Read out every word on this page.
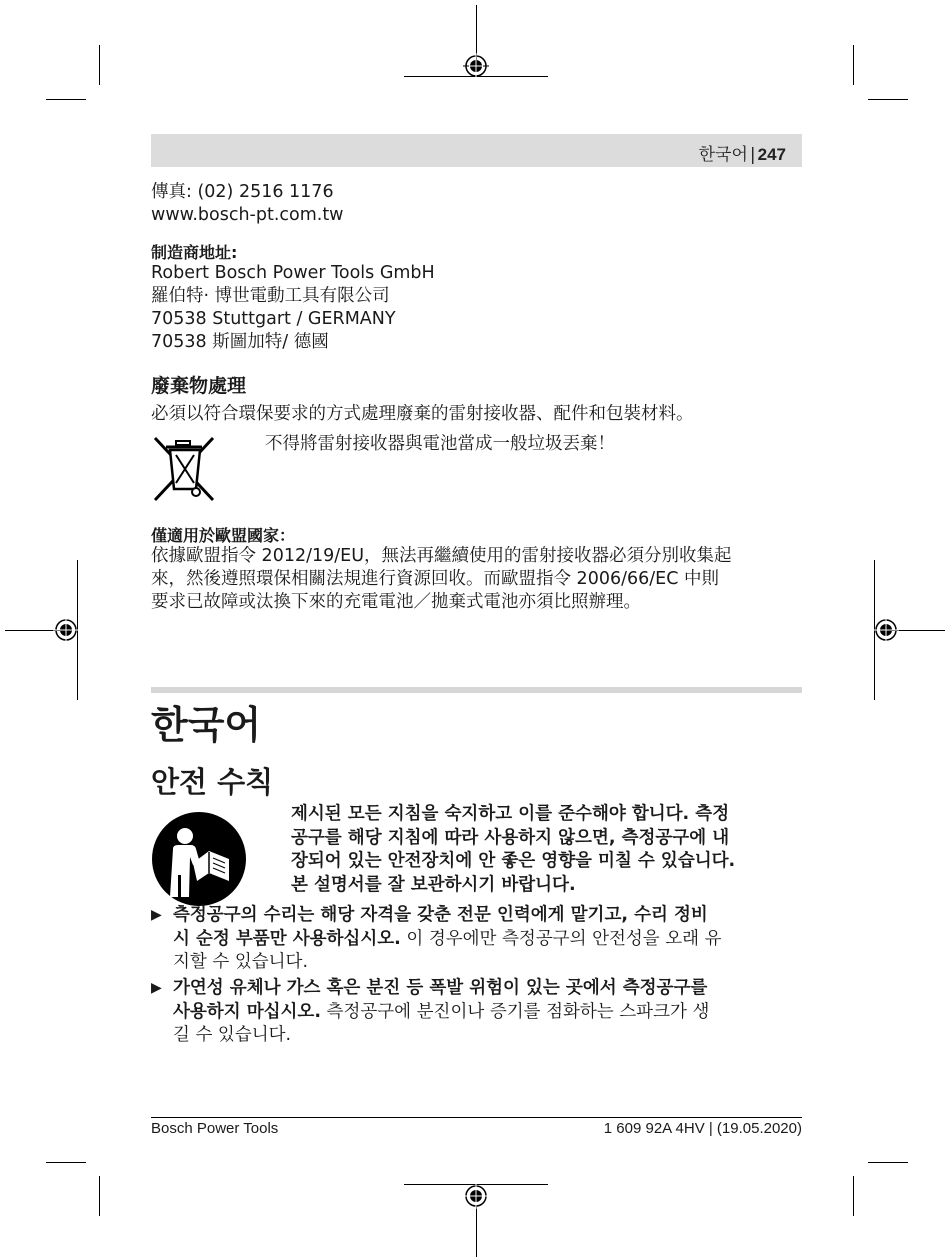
한국어 | 247
傳真: (02) 2516 1176
www.bosch-pt.com.tw
制造商地址:
Robert Bosch Power Tools GmbH
羅伯特· 博世電動工具有限公司
70538 Stuttgart / GERMANY
70538 斯圖加特/ 德國
廢棄物處理
必須以符合環保要求的方式處理廢棄的雷射接收器、配件和包裝材料。
不得將雷射接收器與電池當成一般垃圾丟棄！
僅適用於歐盟國家：
依據歐盟指令 2012/19/EU，無法再繼續使用的雷射接收器必須分別收集起
來，然後遵照環保相關法規進行資源回收。而歐盟指令 2006/66/EC 中則
要求已故障或汰換下來的充電電池／拋棄式電池亦須比照辦理。
한국어
안전 수칙
제시된 모든 지침을 숙지하고 이를 준수해야 합니다. 측정
공구를 해당 지침에 따라 사용하지 않으면, 측정공구에 내
장되어 있는 안전장치에 안 좋은 영향을 미칠 수 있습니다.
본 설명서를 잘 보관하시기 바랍니다.
▶ 측정공구의 수리는 해당 자격을 갖춘 전문 인력에게 맡기고, 수리 정비
시 순정 부품만 사용하십시오. 이 경우에만 측정공구의 안전성을 오래 유
지할 수 있습니다.
▶ 가연성 유체나 가스 혹은 분진 등 폭발 위험이 있는 곳에서 측정공구를
사용하지 마십시오. 측정공구에 분진이나 증기를 점화하는 스파크가 생
길 수 있습니다.
Bosch Power Tools	1 609 92A 4HV | (19.05.2020)
